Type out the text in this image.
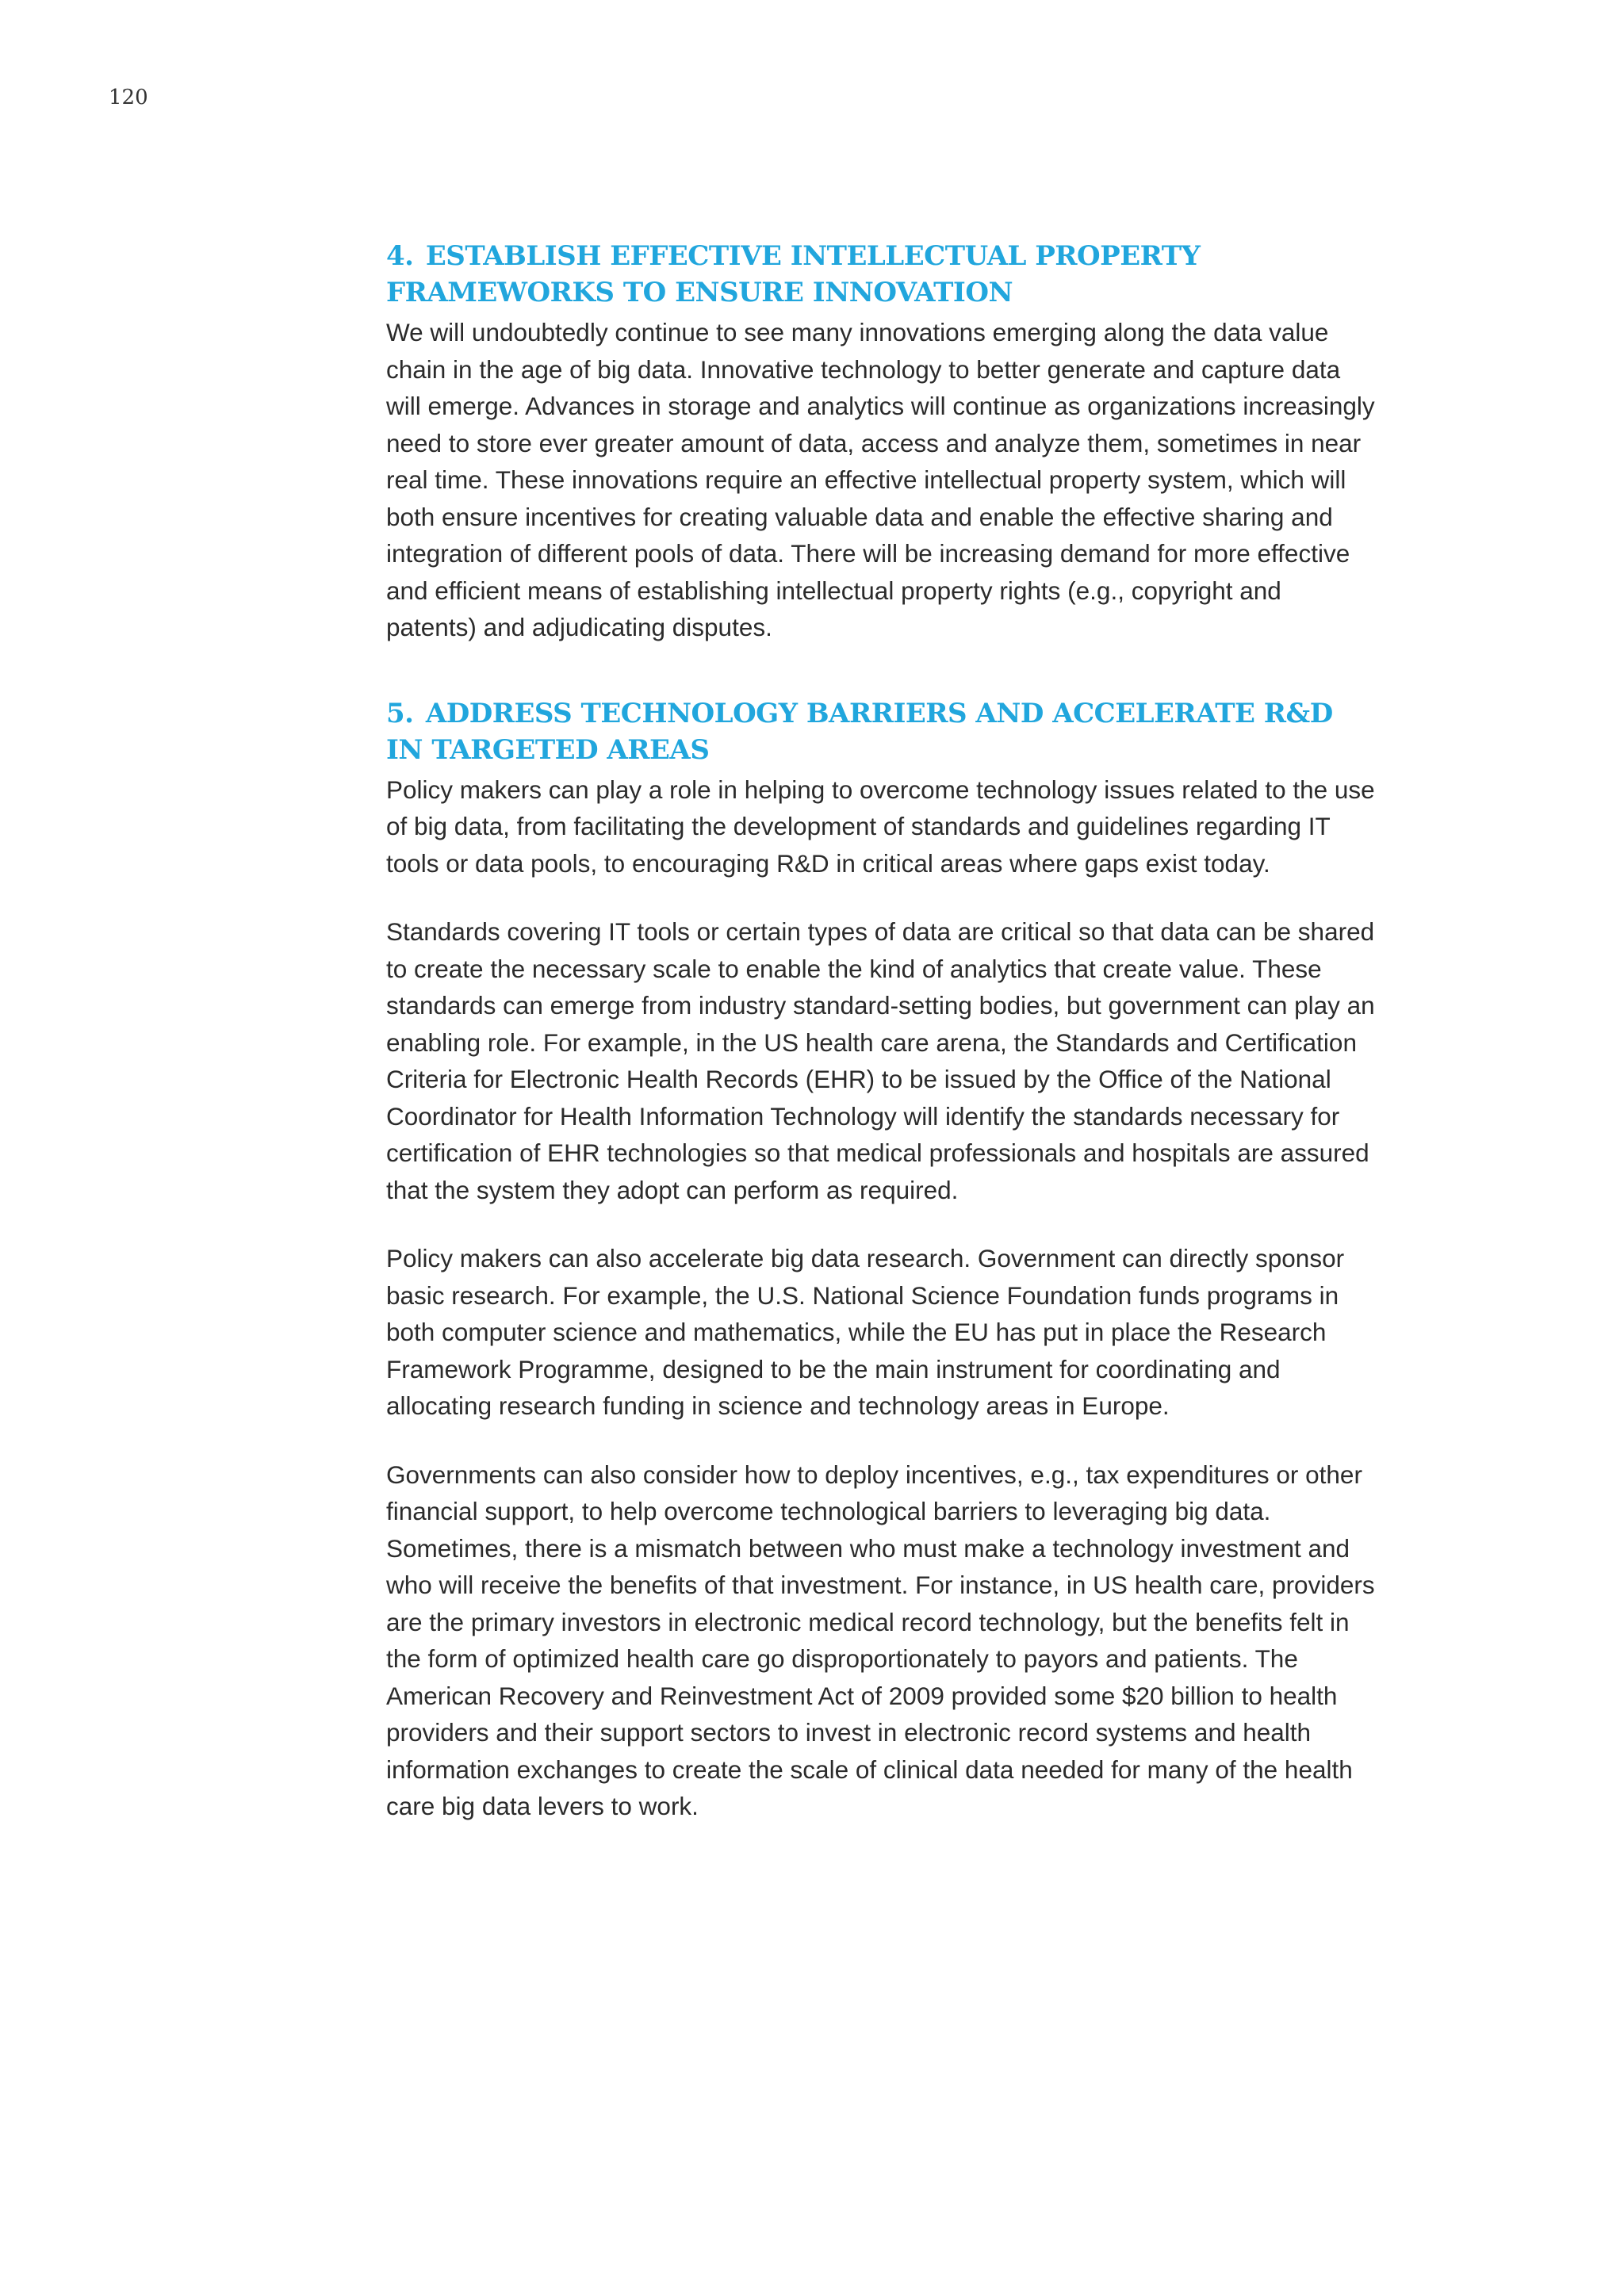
120
4. ESTABLISH EFFECTIVE INTELLECTUAL PROPERTY FRAMEWORKS TO ENSURE INNOVATION

We will undoubtedly continue to see many innovations emerging along the data value chain in the age of big data. Innovative technology to better generate and capture data will emerge. Advances in storage and analytics will continue as organizations increasingly need to store ever greater amount of data, access and analyze them, sometimes in near real time. These innovations require an effective intellectual property system, which will both ensure incentives for creating valuable data and enable the effective sharing and integration of different pools of data. There will be increasing demand for more effective and efficient means of establishing intellectual property rights (e.g., copyright and patents) and adjudicating disputes.

5. ADDRESS TECHNOLOGY BARRIERS AND ACCELERATE R&D IN TARGETED AREAS

Policy makers can play a role in helping to overcome technology issues related to the use of big data, from facilitating the development of standards and guidelines regarding IT tools or data pools, to encouraging R&D in critical areas where gaps exist today.

Standards covering IT tools or certain types of data are critical so that data can be shared to create the necessary scale to enable the kind of analytics that create value. These standards can emerge from industry standard-setting bodies, but government can play an enabling role. For example, in the US health care arena, the Standards and Certification Criteria for Electronic Health Records (EHR) to be issued by the Office of the National Coordinator for Health Information Technology will identify the standards necessary for certification of EHR technologies so that medical professionals and hospitals are assured that the system they adopt can perform as required.

Policy makers can also accelerate big data research. Government can directly sponsor basic research. For example, the U.S. National Science Foundation funds programs in both computer science and mathematics, while the EU has put in place the Research Framework Programme, designed to be the main instrument for coordinating and allocating research funding in science and technology areas in Europe.

Governments can also consider how to deploy incentives, e.g., tax expenditures or other financial support, to help overcome technological barriers to leveraging big data. Sometimes, there is a mismatch between who must make a technology investment and who will receive the benefits of that investment. For instance, in US health care, providers are the primary investors in electronic medical record technology, but the benefits felt in the form of optimized health care go disproportionately to payors and patients. The American Recovery and Reinvestment Act of 2009 provided some $20 billion to health providers and their support sectors to invest in electronic record systems and health information exchanges to create the scale of clinical data needed for many of the health care big data levers to work.
